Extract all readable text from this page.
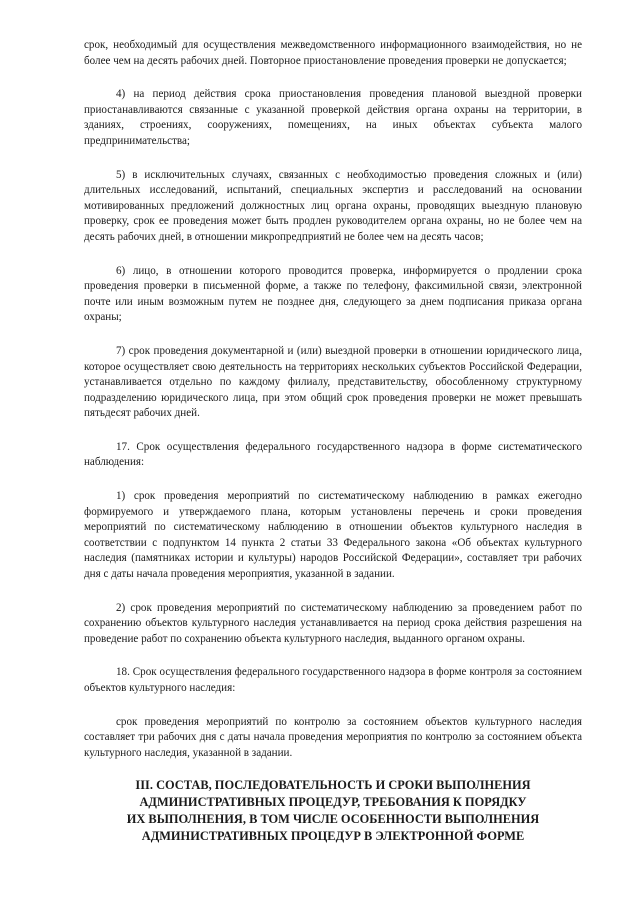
срок, необходимый для осуществления межведомственного информационного взаимодействия, но не более чем на десять рабочих дней. Повторное приостановление проведения проверки не допускается;

4) на период действия срока приостановления проведения плановой выездной проверки приостанавливаются связанные с указанной проверкой действия органа охраны на территории, в зданиях, строениях, сооружениях, помещениях, на иных объектах субъекта малого предпринимательства;

5) в исключительных случаях, связанных с необходимостью проведения сложных и (или) длительных исследований, испытаний, специальных экспертиз и расследований на основании мотивированных предложений должностных лиц органа охраны, проводящих выездную плановую проверку, срок ее проведения может быть продлен руководителем органа охраны, но не более чем на десять рабочих дней, в отношении микропредприятий не более чем на десять часов;

6) лицо, в отношении которого проводится проверка, информируется о продлении срока проведения проверки в письменной форме, а также по телефону, факсимильной связи, электронной почте или иным возможным путем не позднее дня, следующего за днем подписания приказа органа охраны;

7) срок проведения документарной и (или) выездной проверки в отношении юридического лица, которое осуществляет свою деятельность на территориях нескольких субъектов Российской Федерации, устанавливается отдельно по каждому филиалу, представительству, обособленному структурному подразделению юридического лица, при этом общий срок проведения проверки не может превышать пятьдесят рабочих дней.

17. Срок осуществления федерального государственного надзора в форме систематического наблюдения:

1) срок проведения мероприятий по систематическому наблюдению в рамках ежегодно формируемого и утверждаемого плана, которым установлены перечень и сроки проведения мероприятий по систематическому наблюдению в отношении объектов культурного наследия в соответствии с подпунктом 14 пункта 2 статьи 33 Федерального закона «Об объектах культурного наследия (памятниках истории и культуры) народов Российской Федерации», составляет три рабочих дня с даты начала проведения мероприятия, указанной в задании.

2) срок проведения мероприятий по систематическому наблюдению за проведением работ по сохранению объектов культурного наследия устанавливается на период срока действия разрешения на проведение работ по сохранению объекта культурного наследия, выданного органом охраны.

18. Срок осуществления федерального государственного надзора в форме контроля за состоянием объектов культурного наследия:

срок проведения мероприятий по контролю за состоянием объектов культурного наследия составляет три рабочих дня с даты начала проведения мероприятия по контролю за состоянием объекта культурного наследия, указанной в задании.

III. СОСТАВ, ПОСЛЕДОВАТЕЛЬНОСТЬ И СРОКИ ВЫПОЛНЕНИЯ
АДМИНИСТРАТИВНЫХ ПРОЦЕДУР, ТРЕБОВАНИЯ К ПОРЯДКУ
ИХ ВЫПОЛНЕНИЯ, В ТОМ ЧИСЛЕ ОСОБЕННОСТИ ВЫПОЛНЕНИЯ
АДМИНИСТРАТИВНЫХ ПРОЦЕДУР В ЭЛЕКТРОННОЙ ФОРМЕ
